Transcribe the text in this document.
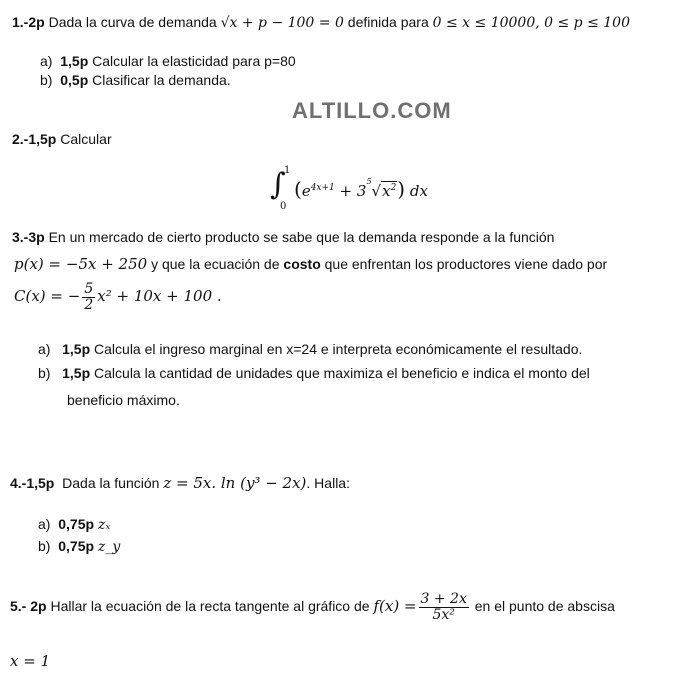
1.-2p Dada la curva de demanda √x + p − 100 = 0 definida para 0 ≤ x ≤ 10000, 0 ≤ p ≤ 100
a) 1,5p Calcular la elasticidad para p=80
b) 0,5p Clasificar la demanda.
ALTILLO.COM
2.-1,5p Calcular
∫
1
0
$(e^{4x+1} + 3^5√x^2)$ dx
3.-3p En un mercado de cierto producto se sabe que la demanda responde a la función
p(x) = −5x + 250 y que la ecuación de costo que enfrentan los productores viene dado por
C(x) = − $\frac{5}{2} x^2 + 10x + 100$ .
a) 1,5p Calcula el ingreso marginal en x=24 e interpreta económicamente el resultado.
b) 1,5p Calcula la cantidad de unidades que maximiza el beneficio e indica el monto del
beneficio máximo.
4.-1,5p Dada la función z = 5x. ln (y³ − 2x). Halla:
a) 0,75p zₓ
b) 0,75p z_y
5.- 2p Hallar la ecuación de la recta tangente al gráfico de $f(x) = \frac{3 + 2x}{\text{5x²}}$ en el punto de abscisa
x = 1
